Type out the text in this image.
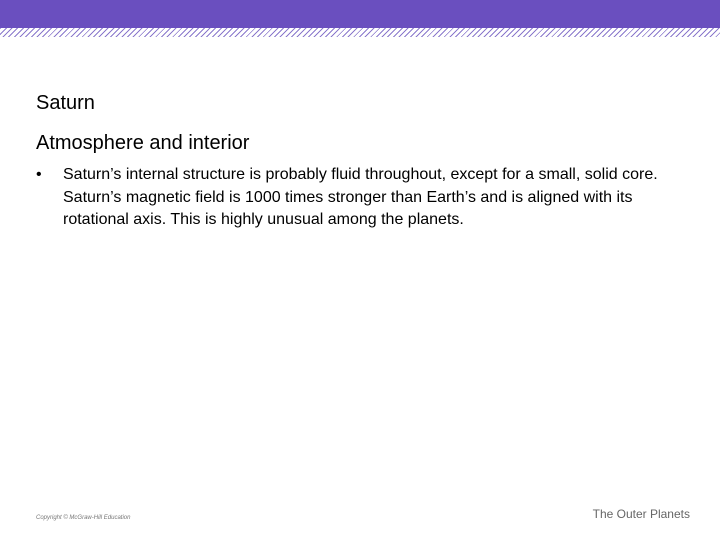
Saturn
Atmosphere and interior
•	Saturn’s internal structure is probably fluid throughout, except for a small, solid core. Saturn’s magnetic field is 1000 times stronger than Earth’s and is aligned with its rotational axis. This is highly unusual among the planets.
Copyright © McGraw-Hill Education	The Outer Planets
